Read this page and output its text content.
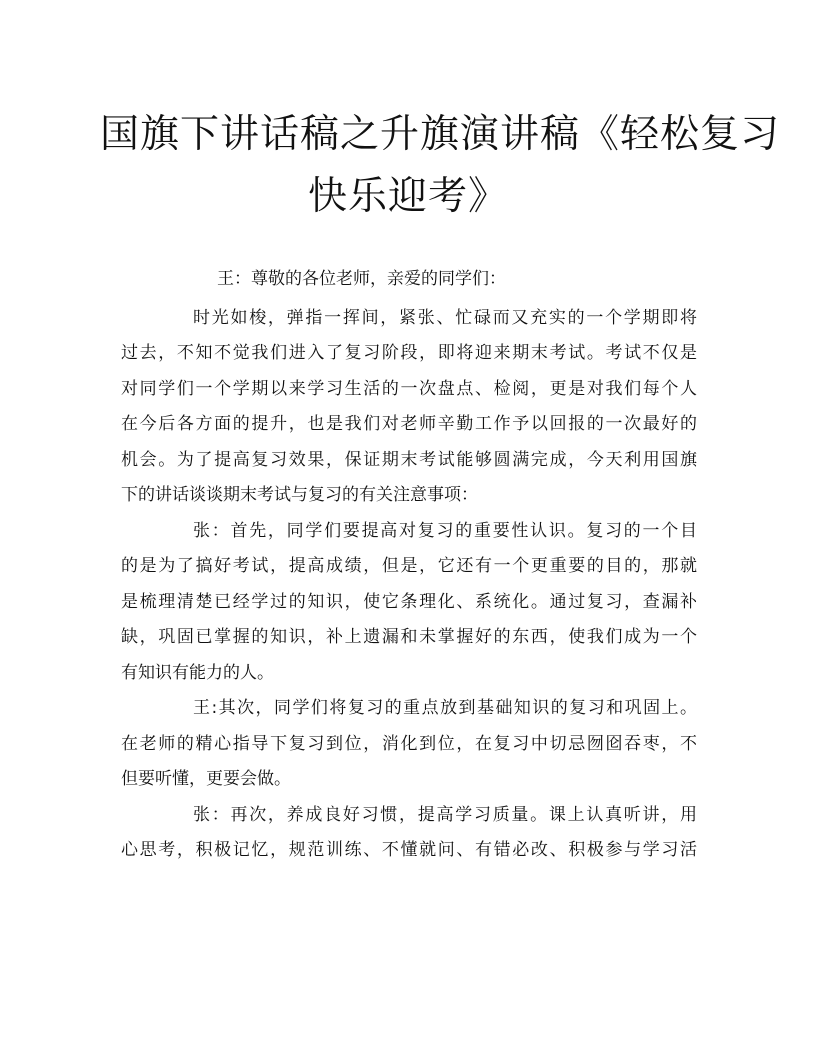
国旗下讲话稿之升旗演讲稿《轻松复习
快乐迎考》

王：尊敬的各位老师，亲爱的同学们：

时光如梭，弹指一挥间，紧张、忙碌而又充实的一个学期即将
过去，不知不觉我们进入了复习阶段，即将迎来期末考试。考试不仅是
对同学们一个学期以来学习生活的一次盘点、检阅，更是对我们每个人
在今后各方面的提升，也是我们对老师辛勤工作予以回报的一次最好的
机会。为了提高复习效果，保证期末考试能够圆满完成，今天利用国旗
下的讲话谈谈期末考试与复习的有关注意事项：

张：首先，同学们要提高对复习的重要性认识。复习的一个目
的是为了搞好考试，提高成绩，但是，它还有一个更重要的目的，那就
是梳理清楚已经学过的知识，使它条理化、系统化。通过复习，查漏补
缺，巩固已掌握的知识，补上遗漏和未掌握好的东西，使我们成为一个
有知识有能力的人。

王:其次，同学们将复习的重点放到基础知识的复习和巩固上。
在老师的精心指导下复习到位，消化到位，在复习中切忌囫囵吞枣，不
但要听懂，更要会做。

张：再次，养成良好习惯，提高学习质量。课上认真听讲，用
心思考，积极记忆，规范训练、不懂就问、有错必改、积极参与学习活
